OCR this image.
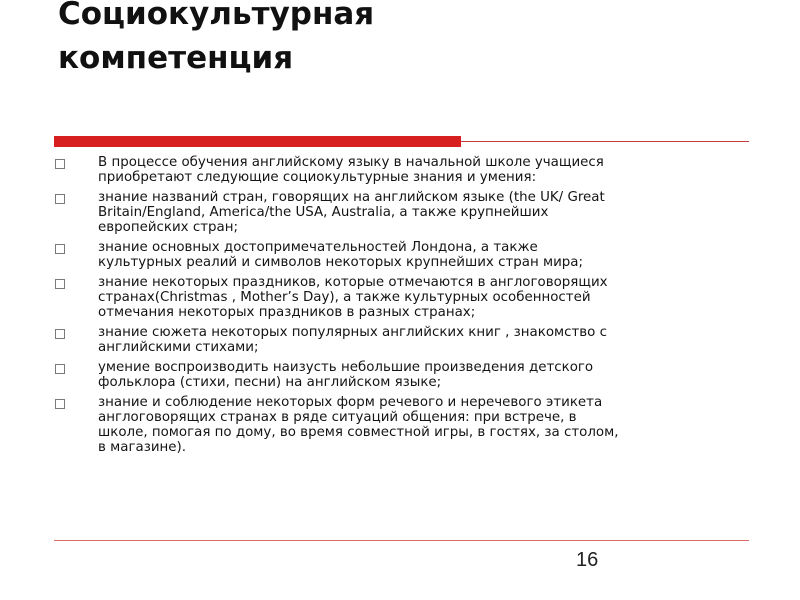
Социокультурная
компетенция
В процессе обучения английскому языку в начальной школе учащиеся
приобретают следующие социокультурные знания и умения:
знание названий стран, говорящих на английском языке (the UK/ Great
Britain/England, America/the USA, Australia, а также крупнейших
европейских стран;
знание основных достопримечательностей Лондона, а также
культурных реалий и символов некоторых крупнейших стран мира;
знание некоторых праздников, которые отмечаются в англоговорящих
странах(Christmas , Mother’s Day), а также культурных особенностей
отмечания некоторых праздников в разных странах;
знание сюжета некоторых популярных английских книг , знакомство с
английскими стихами;
умение воспроизводить наизусть небольшие произведения детского
фольклора (стихи, песни) на английском языке;
знание и соблюдение некоторых форм речевого и неречевого этикета
англоговорящих странах в ряде ситуаций общения: при встрече, в
школе, помогая по дому, во время совместной игры, в гостях, за столом,
в магазине).
16
